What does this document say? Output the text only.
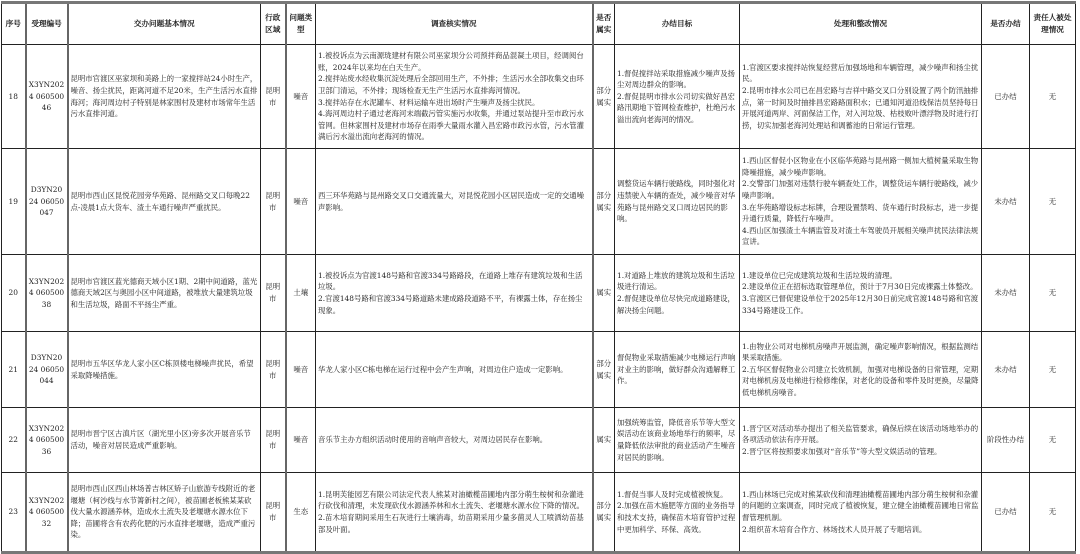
序号	受理编号	交办问题基本情况	行政区域	问题类型	调查核实情况	是否属实	办结目标	处理和整改情况	是否办结	责任人被处理情况
18	X3YN2024 06050046	昆明市官渡区巫家坝和美路上的一家搅拌站24小时生产，噪音、扬尘扰民，距离河道不足20米，生产生活污水直排海河；海河周边村子特别是林家围村及建材市场常年生活污水直排河道。	昆明市	噪音	1.被投诉点为云南源珑建材有限公司巫家坝分公司预拌商品混凝土项目，经调阅台账，2024年以来均在白天生产。
2.搅拌站废水经收集沉淀处理后全部回用生产，不外排；生活污水全部收集交由环卫部门清运，不外排；现场检查无生产生活污水直排海河情况。
3.搅拌站存在水泥罐车、材料运输车进出场时产生噪声及扬尘扰民。
4.海河周边村子通过老海河末端截污管实施污水收集，并通过泵站提升至市政污水管网。但林家围村及建材市场存在雨季大量雨水灌入昌宏路市政污水管，污水管灌满后污水溢出流向老海河的情况。	部分属实	1.督促搅拌站采取措施减少噪声及扬尘对周边群众的影响。
2.督促昆明市排水公司切实做好昌宏路汛期地下管网检查维护，杜绝污水溢出流向老海河的情况。	1.官渡区要求搅拌站恢复经营后加强场地和车辆管理，减少噪声和扬尘扰民。
2.昆明市排水公司已在昌宏路与吉祥中路交叉口分别设置了两个防汛抽排点，第一时间及时抽排昌宏路路面积水；已通知河道沿线保洁员坚持每日开展河道两岸、河面保洁工作，对入河垃圾、枯枝败叶漂浮物及时进行打捞，切实加强老海河处理站和调蓄池的日常运行管理。	已办结	无
19	D3YN2024 06050047	昆明市西山区昆悦花园旁华苑路、昆州路交叉口每晚22点-凌晨1点大货车、渣土车通行噪声严重扰民。	昆明市	噪音	西三环华苑路与昆州路交叉口交通流量大，对昆悦花园小区居民造成一定的交通噪声影响。	部分属实	调整货运车辆行驶路线，同时强化对违禁驶入车辆的查处，减少噪音对华苑路与昆州路交叉口周边居民的影响。	1.西山区督促小区物业在小区临华苑路与昆州路一侧加大植树量采取生物降噪措施，减少噪声影响。
2.交警部门加强对违禁行驶车辆查处工作，调整货运车辆行驶路线，减少噪声影响。
3.在华苑路增设标志标牌，合理设置禁鸣、货车通行时段标志，进一步提升通行质量，降低行车噪声。
4.西山区加强渣土车辆监管及对渣土车驾驶员开展相关噪声扰民法律法规宣讲。	未办结	无
20	X3YN2024 06050038	昆明市官渡区蓝光德商天域小区1期、2期中间道路，蓝光德商天域2区与奥园小区中间道路，被堆放大量建筑垃圾和生活垃圾，路面不平扬尘严重。	昆明市	土壤	1.被投诉点为官渡148号路和官渡334号路路段，在道路上堆存有建筑垃圾和生活垃圾。
2.官渡148号路和官渡334号路道路未建成路段道路不平，有裸露土体，存在扬尘现象。	属实	1.对道路上堆放的建筑垃圾和生活垃圾进行清运。
2.督促建设单位尽快完成道路建设，解决扬尘问题。	1.建设单位已完成建筑垃圾和生活垃圾的清理。
2.建设单位正在招标选取管理单位，预计于7月30日完成裸露土体整改。
3.官渡区已督促建设单位于2025年12月30日前完成官渡148号路和官渡334号路建设工作。	未办结	无
21	D3YN2024 06050044	昆明市五华区华龙人家小区C栋顶楼电梯噪声扰民，希望采取降噪措施。	昆明市	噪音	华龙人家小区C栋电梯在运行过程中会产生声响，对周边住户造成一定影响。	部分属实	督促物业采取措施减少电梯运行声响对业主的影响，做好群众沟通解释工作。	1.由物业公司对电梯机房噪声开展监测，确定噪声影响情况，根据监测结果采取措施。
2.五华区督促物业公司建立长效机制，加强对电梯设备的日常管理，定期对电梯机房及电梯进行检修维保，对老化的设备和零件及时更换，尽量降低电梯机房噪音。	未办结	无
22	X3YN2024 06050036	昆明市晋宁区古滇片区（湖光里小区)旁多次开展音乐节活动，噪音对居民造成严重影响。	昆明市	噪音	音乐节主办方组织活动时使用的音响声音较大，对周边居民存在影响。	属实	加强统筹监管，降低音乐节等大型文娱活动在该商业场地举行的频率，尽量降低依法审批的商业活动产生噪音对居民的影响。	1.晋宁区对活动举办提出了相关监管要求，确保后续在该活动场地举办的各项活动依法有序开展。
2.晋宁区将按照要求加强对“音乐节”等大型文娱活动的管理。	阶段性办结	无
23	X3YN2024 06050032	昆明市西山区西山林场普吉林区矫子山旅游专线附近的老堰塘（柯沙线与水节箐新村之间），被苗圃老板熊某某砍伐大量水源涵养林，造成水土流失及老堰塘水源水位下降；苗圃将含有农药化肥的污水直排老堰塘，造成严重污染。	昆明市	生态	1.昆明芙能园艺有限公司法定代表人熊某对油橄榄苗圃地内部分萌生桉树和杂灌进行砍伐和清理，未发现砍伐水源涵养林和水土流失、老堰塘水源水位下降的情况。
2.苗木培育期间采用生石灰进行土壤消毒，幼苗期采用少量多菌灵人工喷洒幼苗基部及叶面。	部分属实	1.督促当事人及时完成植被恢复。
2.加强在苗木施肥等方面的业务指导和技术支持，确保苗木培育管护过程中更加科学、环保、高效。	1.西山林场已完成对熊某砍伐和清理油橄榄苗圃地内部分萌生桉树和杂灌的问题的立案调查，同时完成了植被恢复，建立健全油橄榄苗圃地日常监督管理机制。
2.组织苗木培育合作方、林场技术人员开展了专题培训。	已办结	无
